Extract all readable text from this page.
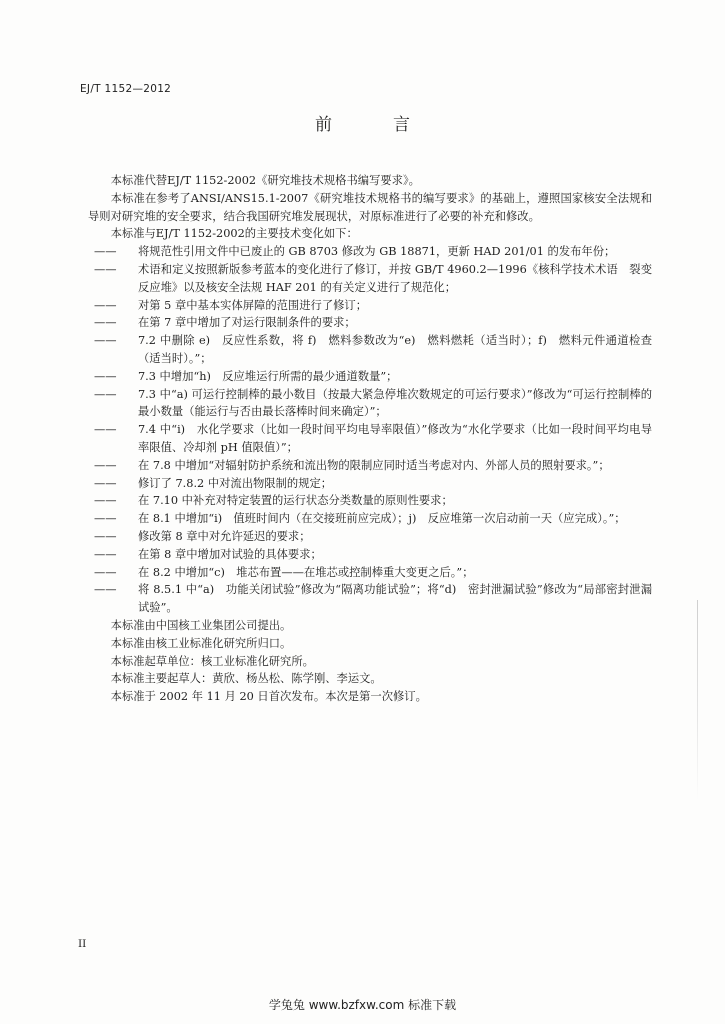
EJ/T 1152—2012
前　言

本标准代替EJ/T 1152-2002《研究堆技术规格书编写要求》。

本标准在参考了ANSI/ANS15.1-2007《研究堆技术规格书的编写要求》的基础上，遵照国家核安全法规和导则对研究堆的安全要求，结合我国研究堆发展现状，对原标准进行了必要的补充和修改。

本标准与EJ/T 1152-2002的主要技术变化如下：

——	将规范性引用文件中已废止的 GB 8703 修改为 GB 18871，更新 HAD 201/01 的发布年份；
——	术语和定义按照新版参考蓝本的变化进行了修订，并按 GB/T 4960.2—1996《核科学技术术语　裂变反应堆》以及核安全法规 HAF 201 的有关定义进行了规范化；
——	对第 5 章中基本实体屏障的范围进行了修订；
——	在第 7 章中增加了对运行限制条件的要求；
——	7.2 中删除 e)　反应性系数，将 f)　燃料参数改为“e)　燃料燃耗（适当时）；f)　燃料元件通道检查（适当时）。”；
——	7.3 中增加“h)　反应堆运行所需的最少通道数量”；
——	7.3 中“a) 可运行控制棒的最小数目（按最大紧急停堆次数规定的可运行要求）”修改为“可运行控制棒的最小数量（能运行与否由最长落棒时间来确定）”；
——	7.4 中“i)　水化学要求（比如一段时间平均电导率限值）”修改为“水化学要求（比如一段时间平均电导率限值、冷却剂 pH 值限值）”；
——	在 7.8 中增加“对辐射防护系统和流出物的限制应同时适当考虑对内、外部人员的照射要求。”；
——	修订了 7.8.2 中对流出物限制的规定；
——	在 7.10 中补充对特定装置的运行状态分类数量的原则性要求；
——	在 8.1 中增加“i)　值班时间内（在交接班前应完成）；j)　反应堆第一次启动前一天（应完成）。”；
——	修改第 8 章中对允许延迟的要求；
——	在第 8 章中增加对试验的具体要求；
——	在 8.2 中增加“c)　堆芯布置——在堆芯或控制棒重大变更之后。”；
——	将 8.5.1 中“a)　功能关闭试验”修改为“隔离功能试验”；将“d)　密封泄漏试验”修改为“局部密封泄漏试验”。

本标准由中国核工业集团公司提出。

本标准由核工业标准化研究所归口。

本标准起草单位：核工业标准化研究所。

本标准主要起草人：黄欣、杨丛松、陈学刚、李运文。

本标准于 2002 年 11 月 20 日首次发布。本次是第一次修订。

II
学兔兔 www.bzfxw.com 标准下载
